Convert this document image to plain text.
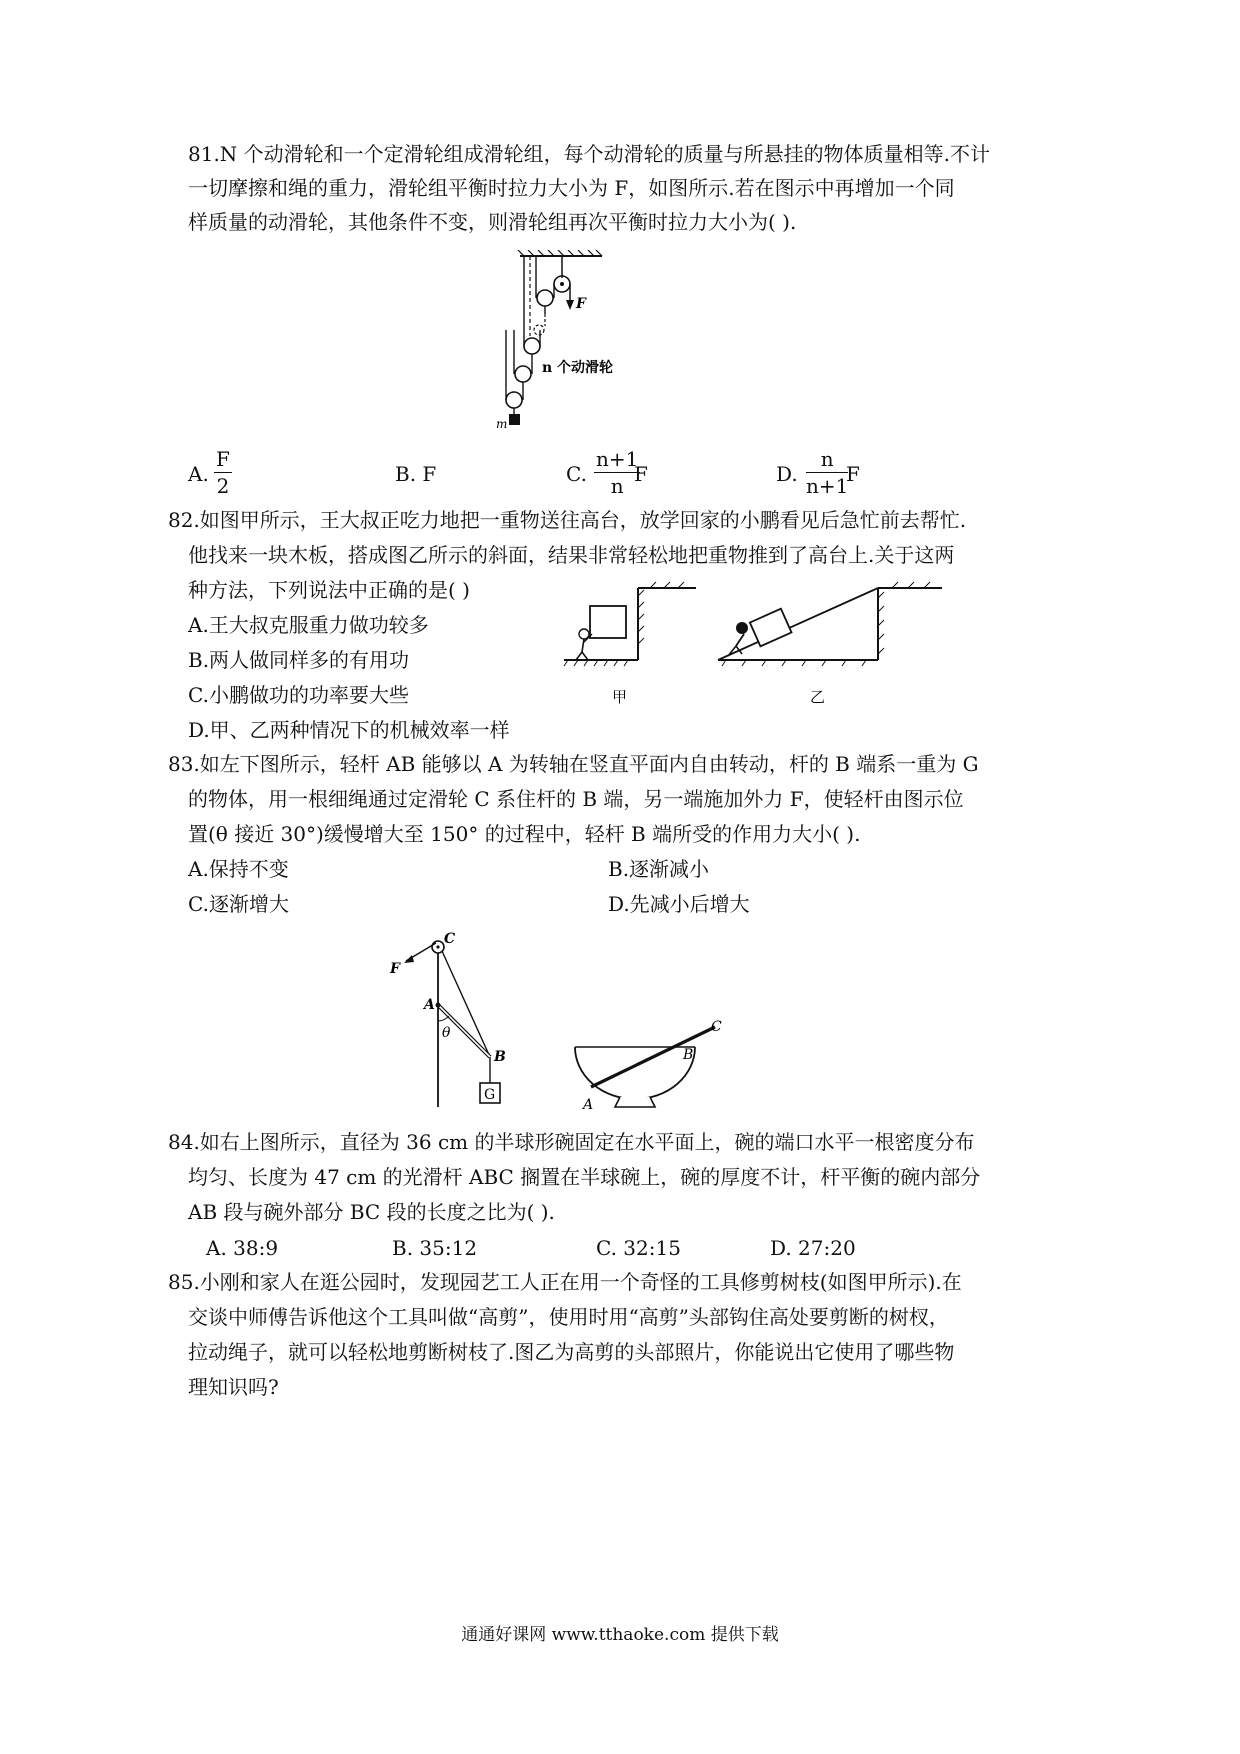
81.N 个动滑轮和一个定滑轮组成滑轮组，每个动滑轮的质量与所悬挂的物体质量相等.不计
一切摩擦和绳的重力，滑轮组平衡时拉力大小为 F，如图所示.若在图示中再增加一个同
样质量的动滑轮，其他条件不变，则滑轮组再次平衡时拉力大小为( ).
F
m
n 个动滑轮
A. $\frac{F}{2}$	B. F	C. $\frac{n+1}{n}$
F	D. $\frac{n}{n+1}$
F
82.如图甲所示，王大叔正吃力地把一重物送往高台，放学回家的小鹏看见后急忙前去帮忙.
他找来一块木板，搭成图乙所示的斜面，结果非常轻松地把重物推到了高台上.关于这两
种方法，下列说法中正确的是( )
A.王大叔克服重力做功较多
B.两人做同样多的有用功
C.小鹏做功的功率要大些
D.甲、乙两种情况下的机械效率一样
甲	乙
83.如左下图所示，轻杆 AB 能够以 A 为转轴在竖直平面内自由转动，杆的 B 端系一重为 G
的物体，用一根细绳通过定滑轮 C 系住杆的 B 端，另一端施加外力 F，使轻杆由图示位
置(θ 接近 30°)缓慢增大至 150° 的过程中，轻杆 B 端所受的作用力大小( ).
A.保持不变	B.逐渐减小
C.逐渐增大	D.先减小后增大
G
F
C
A
θ
B
A
B
C
84.如右上图所示，直径为 36 cm 的半球形碗固定在水平面上，碗的端口水平一根密度分布
均匀、长度为 47 cm 的光滑杆 ABC 搁置在半球碗上，碗的厚度不计，杆平衡的碗内部分
AB 段与碗外部分 BC 段的长度之比为( ).
A. 38:9	B. 35:12	C. 32:15	D. 27:20
85.小刚和家人在逛公园时，发现园艺工人正在用一个奇怪的工具修剪树枝(如图甲所示).在
交谈中师傅告诉他这个工具叫做“高剪”，使用时用“高剪”头部钩住高处要剪断的树杈，
拉动绳子，就可以轻松地剪断树枝了.图乙为高剪的头部照片，你能说出它使用了哪些物
理知识吗?
通通好课网 www.tthaoke.com 提供下载
